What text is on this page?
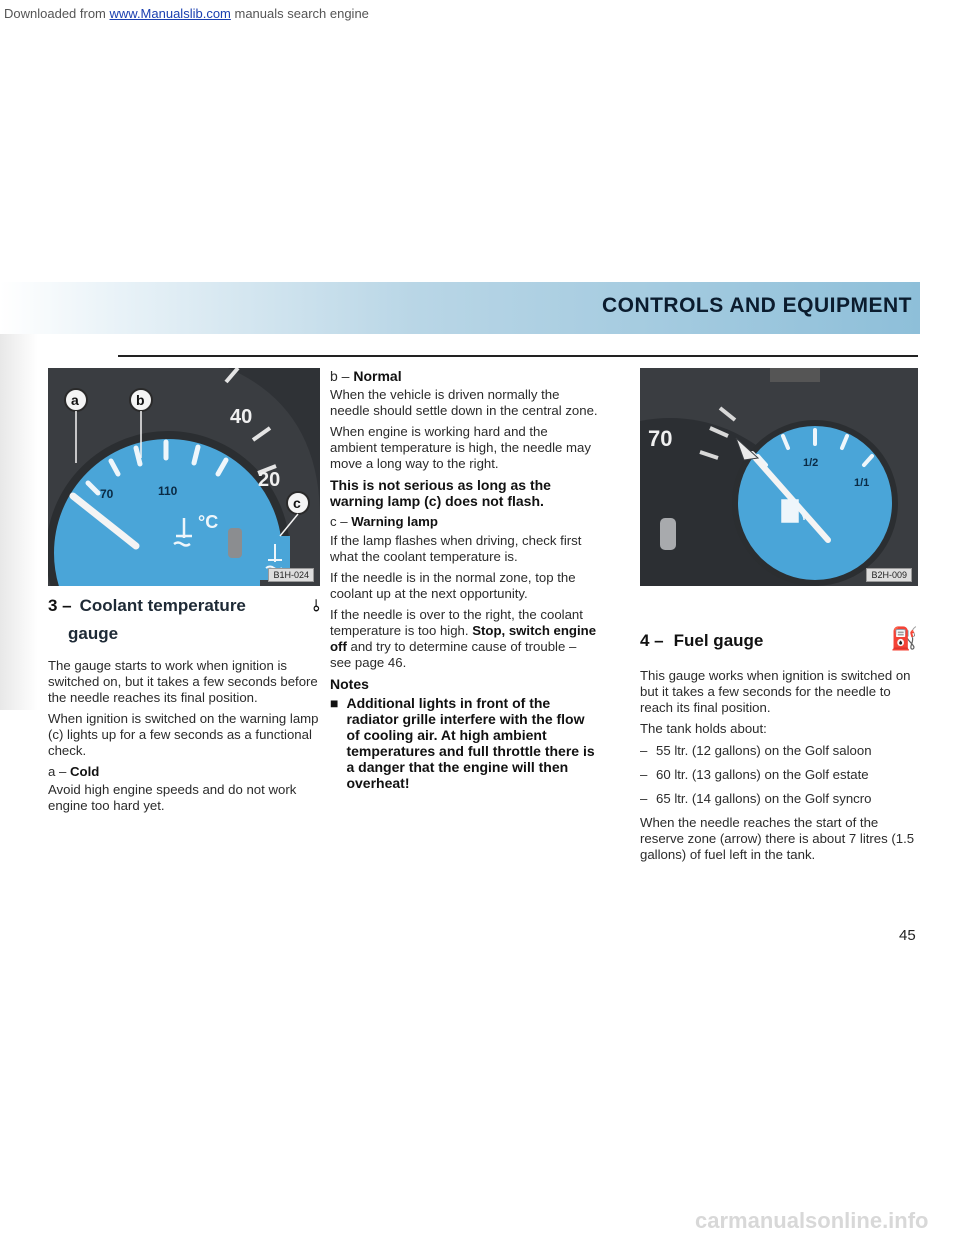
Downloaded from www.Manualslib.com manuals search engine
CONTROLS AND EQUIPMENT
70	110
40
20
°C
a	b
c
B1H-024
3 – Coolant temperature	⫰
gauge

The gauge starts to work when ignition is switched on, but it takes a few seconds before the needle reaches its final position.

When ignition is switched on the warning lamp (c) lights up for a few seconds as a functional check.

a – Cold

Avoid high engine speeds and do not work engine too hard yet.

b – Normal

When the vehicle is driven normally the needle should settle down in the central zone.

When engine is working hard and the ambient temperature is high, the needle may move a long way to the right.

This is not serious as long as the warning lamp (c) does not flash.

c – Warning lamp

If the lamp flashes when driving, check first what the coolant temperature is.

If the needle is in the normal zone, top the coolant up at the next opportunity.

If the needle is over to the right, the coolant temperature is too high. Stop, switch engine off and try to determine cause of trouble – see page 46.

Notes

■ Additional lights in front of the radiator grille interfere with the flow of cooling air. At high ambient temperatures and full throttle there is a danger that the engine will then overheat!
70
1/2
1/1
B2H-009
4 – Fuel gauge	⛽

This gauge works when ignition is switched on but it takes a few seconds for the needle to reach its final position.

The tank holds about:

– 55 ltr. (12 gallons) on the Golf saloon
– 60 ltr. (13 gallons) on the Golf estate
– 65 ltr. (14 gallons) on the Golf syncro

When the needle reaches the start of the reserve zone (arrow) there is about 7 litres (1.5 gallons) of fuel left in the tank.

45
carmanualsonline.info
